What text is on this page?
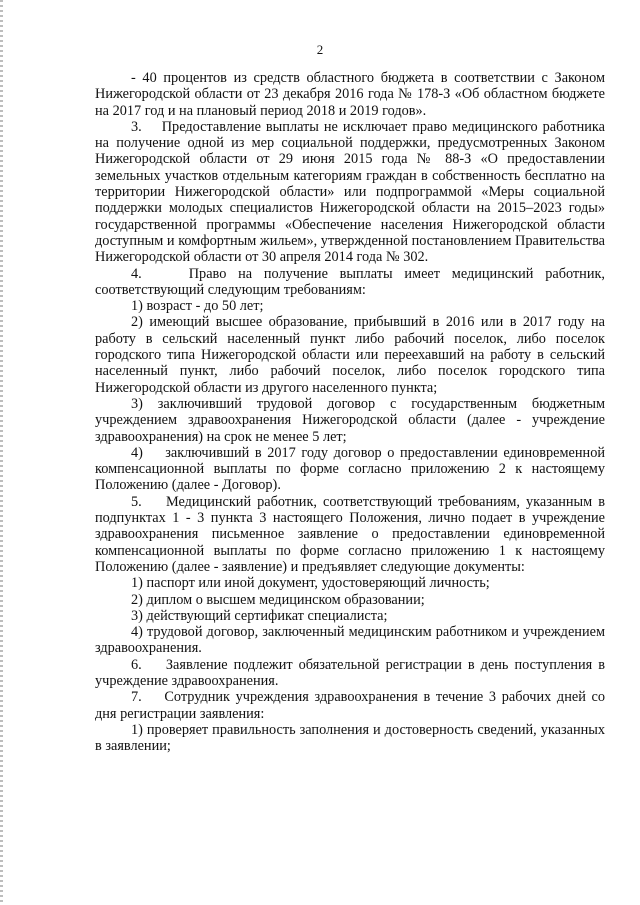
2

- 40 процентов из средств областного бюджета в соответствии с Законом Нижегородской области от 23 декабря 2016 года № 178-З «Об областном бюджете на 2017 год и на плановый период 2018 и 2019 годов».

3.    Предоставление выплаты не исключает право медицинского работника на получение одной из мер социальной поддержки, предусмотренных Законом Нижегородской области от 29 июня 2015 года № 88-З «О предоставлении земельных участков отдельным категориям граждан в собственность бесплатно на территории Нижегородской области» или подпрограммой «Меры социальной поддержки молодых специалистов Нижегородской области на 2015–2023 годы» государственной программы «Обеспечение населения Нижегородской области доступным и комфортным жильем», утвержденной постановлением Правительства Нижегородской области от 30 апреля 2014 года № 302.

4.    Право на получение выплаты имеет медицинский работник, соответствующий следующим требованиям:

1) возраст - до 50 лет;

2) имеющий высшее образование, прибывший в 2016 или в 2017 году на работу в сельский населенный пункт либо рабочий поселок, либо поселок городского типа Нижегородской области или переехавший на работу в сельский населенный пункт, либо рабочий поселок, либо поселок городского типа Нижегородской области из другого населенного пункта;

3) заключивший трудовой договор с государственным бюджетным учреждением здравоохранения Нижегородской области (далее - учреждение здравоохранения) на срок не менее 5 лет;

4)    заключивший в 2017 году договор о предоставлении единовременной компенсационной выплаты по форме согласно приложению 2 к настоящему Положению (далее - Договор).

5.    Медицинский работник, соответствующий требованиям, указанным в подпунктах 1 - 3 пункта 3 настоящего Положения, лично подает в учреждение здравоохранения письменное заявление о предоставлении единовременной компенсационной выплаты по форме согласно приложению 1 к настоящему Положению (далее - заявление) и предъявляет следующие документы:

1) паспорт или иной документ, удостоверяющий личность;

2) диплом о высшем медицинском образовании;

3) действующий сертификат специалиста;

4) трудовой договор, заключенный медицинским работником и учреждением здравоохранения.

6.    Заявление подлежит обязательной регистрации в день поступления в учреждение здравоохранения.

7.    Сотрудник учреждения здравоохранения в течение 3 рабочих дней со дня регистрации заявления:

1) проверяет правильность заполнения и достоверность сведений, указанных в заявлении;
